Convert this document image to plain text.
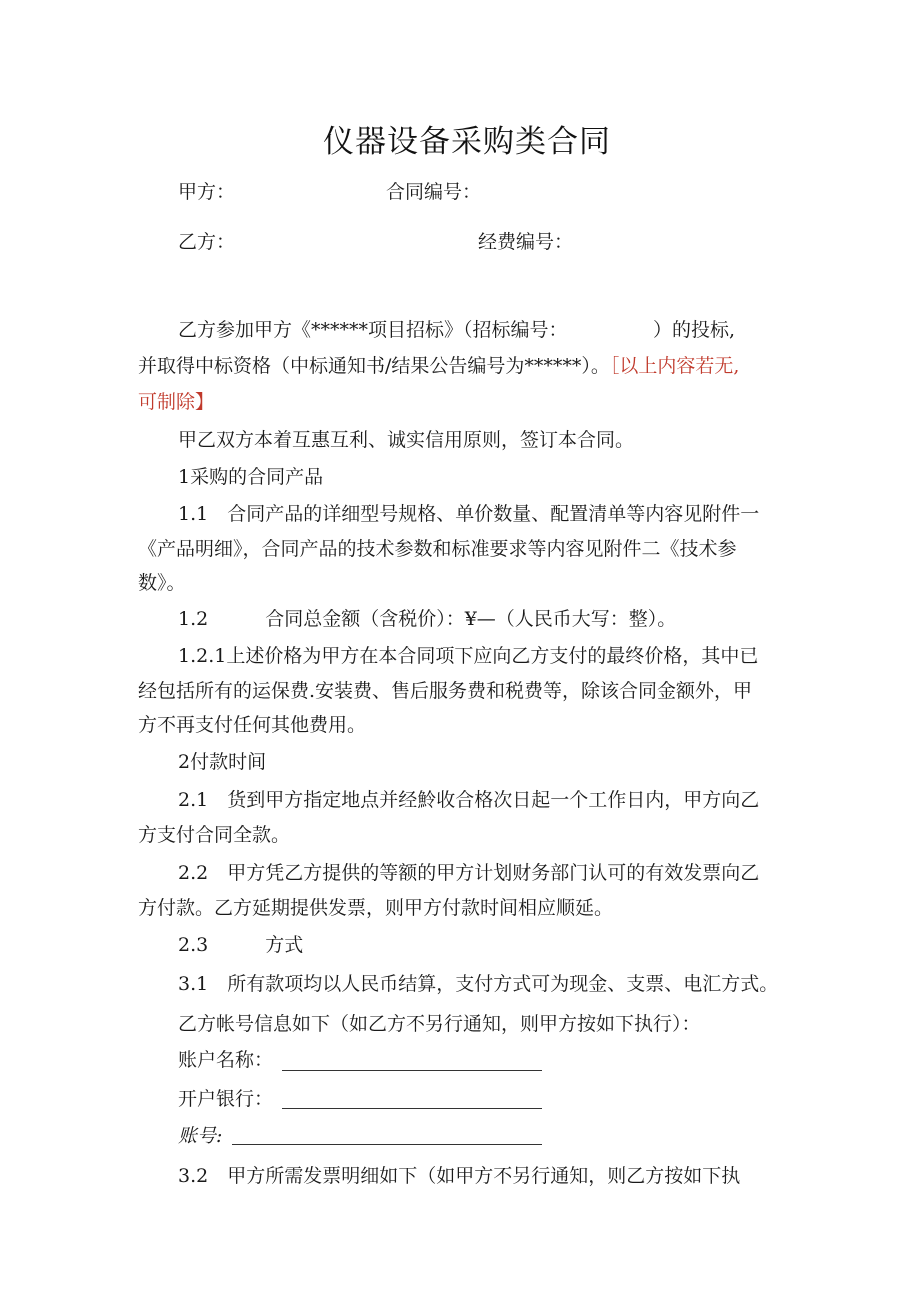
仪器设备采购类合同
甲方：	合同编号：
乙方：	经费编号：
乙方参加甲方《******项目招标》（招标编号：　　　　　）的投标,
并取得中标资格（中标通知书/结果公告编号为******）。［以上内容若无,
可制除】
甲乙双方本着互惠互利、诚实信用原则，签订本合同。
1采购的合同产品
1.1　合同产品的详细型号规格、单价数量、配置清单等内容见附件一
《产品明细》，合同产品的技术参数和标准要求等内容见附件二《技术参
数》。
1.2　　　合同总金额（含税价）：¥—（人民币大写：整）。
1.2.1上述价格为甲方在本合同项下应向乙方支付的最终价格，其中已
经包括所有的运保费.安装费、售后服务费和税费等，除该合同金额外，甲
方不再支付任何其他费用。
2付款时间
2.1　货到甲方指定地点并经魿收合格次日起一个工作日内，甲方向乙
方支付合同全款。
2.2　甲方凭乙方提供的等额的甲方计划财务部门认可的有效发票向乙
方付款。乙方延期提供发票，则甲方付款时间相应顺延。
2.3　　　方式
3.1　所有款项均以人民币结算，支付方式可为现金、支票、电汇方式。
乙方帐号信息如下（如乙方不另行通知，则甲方按如下执行）：
账户名称：
开户银行：
账号:
3.2　甲方所需发票明细如下（如甲方不另行通知，则乙方按如下执
